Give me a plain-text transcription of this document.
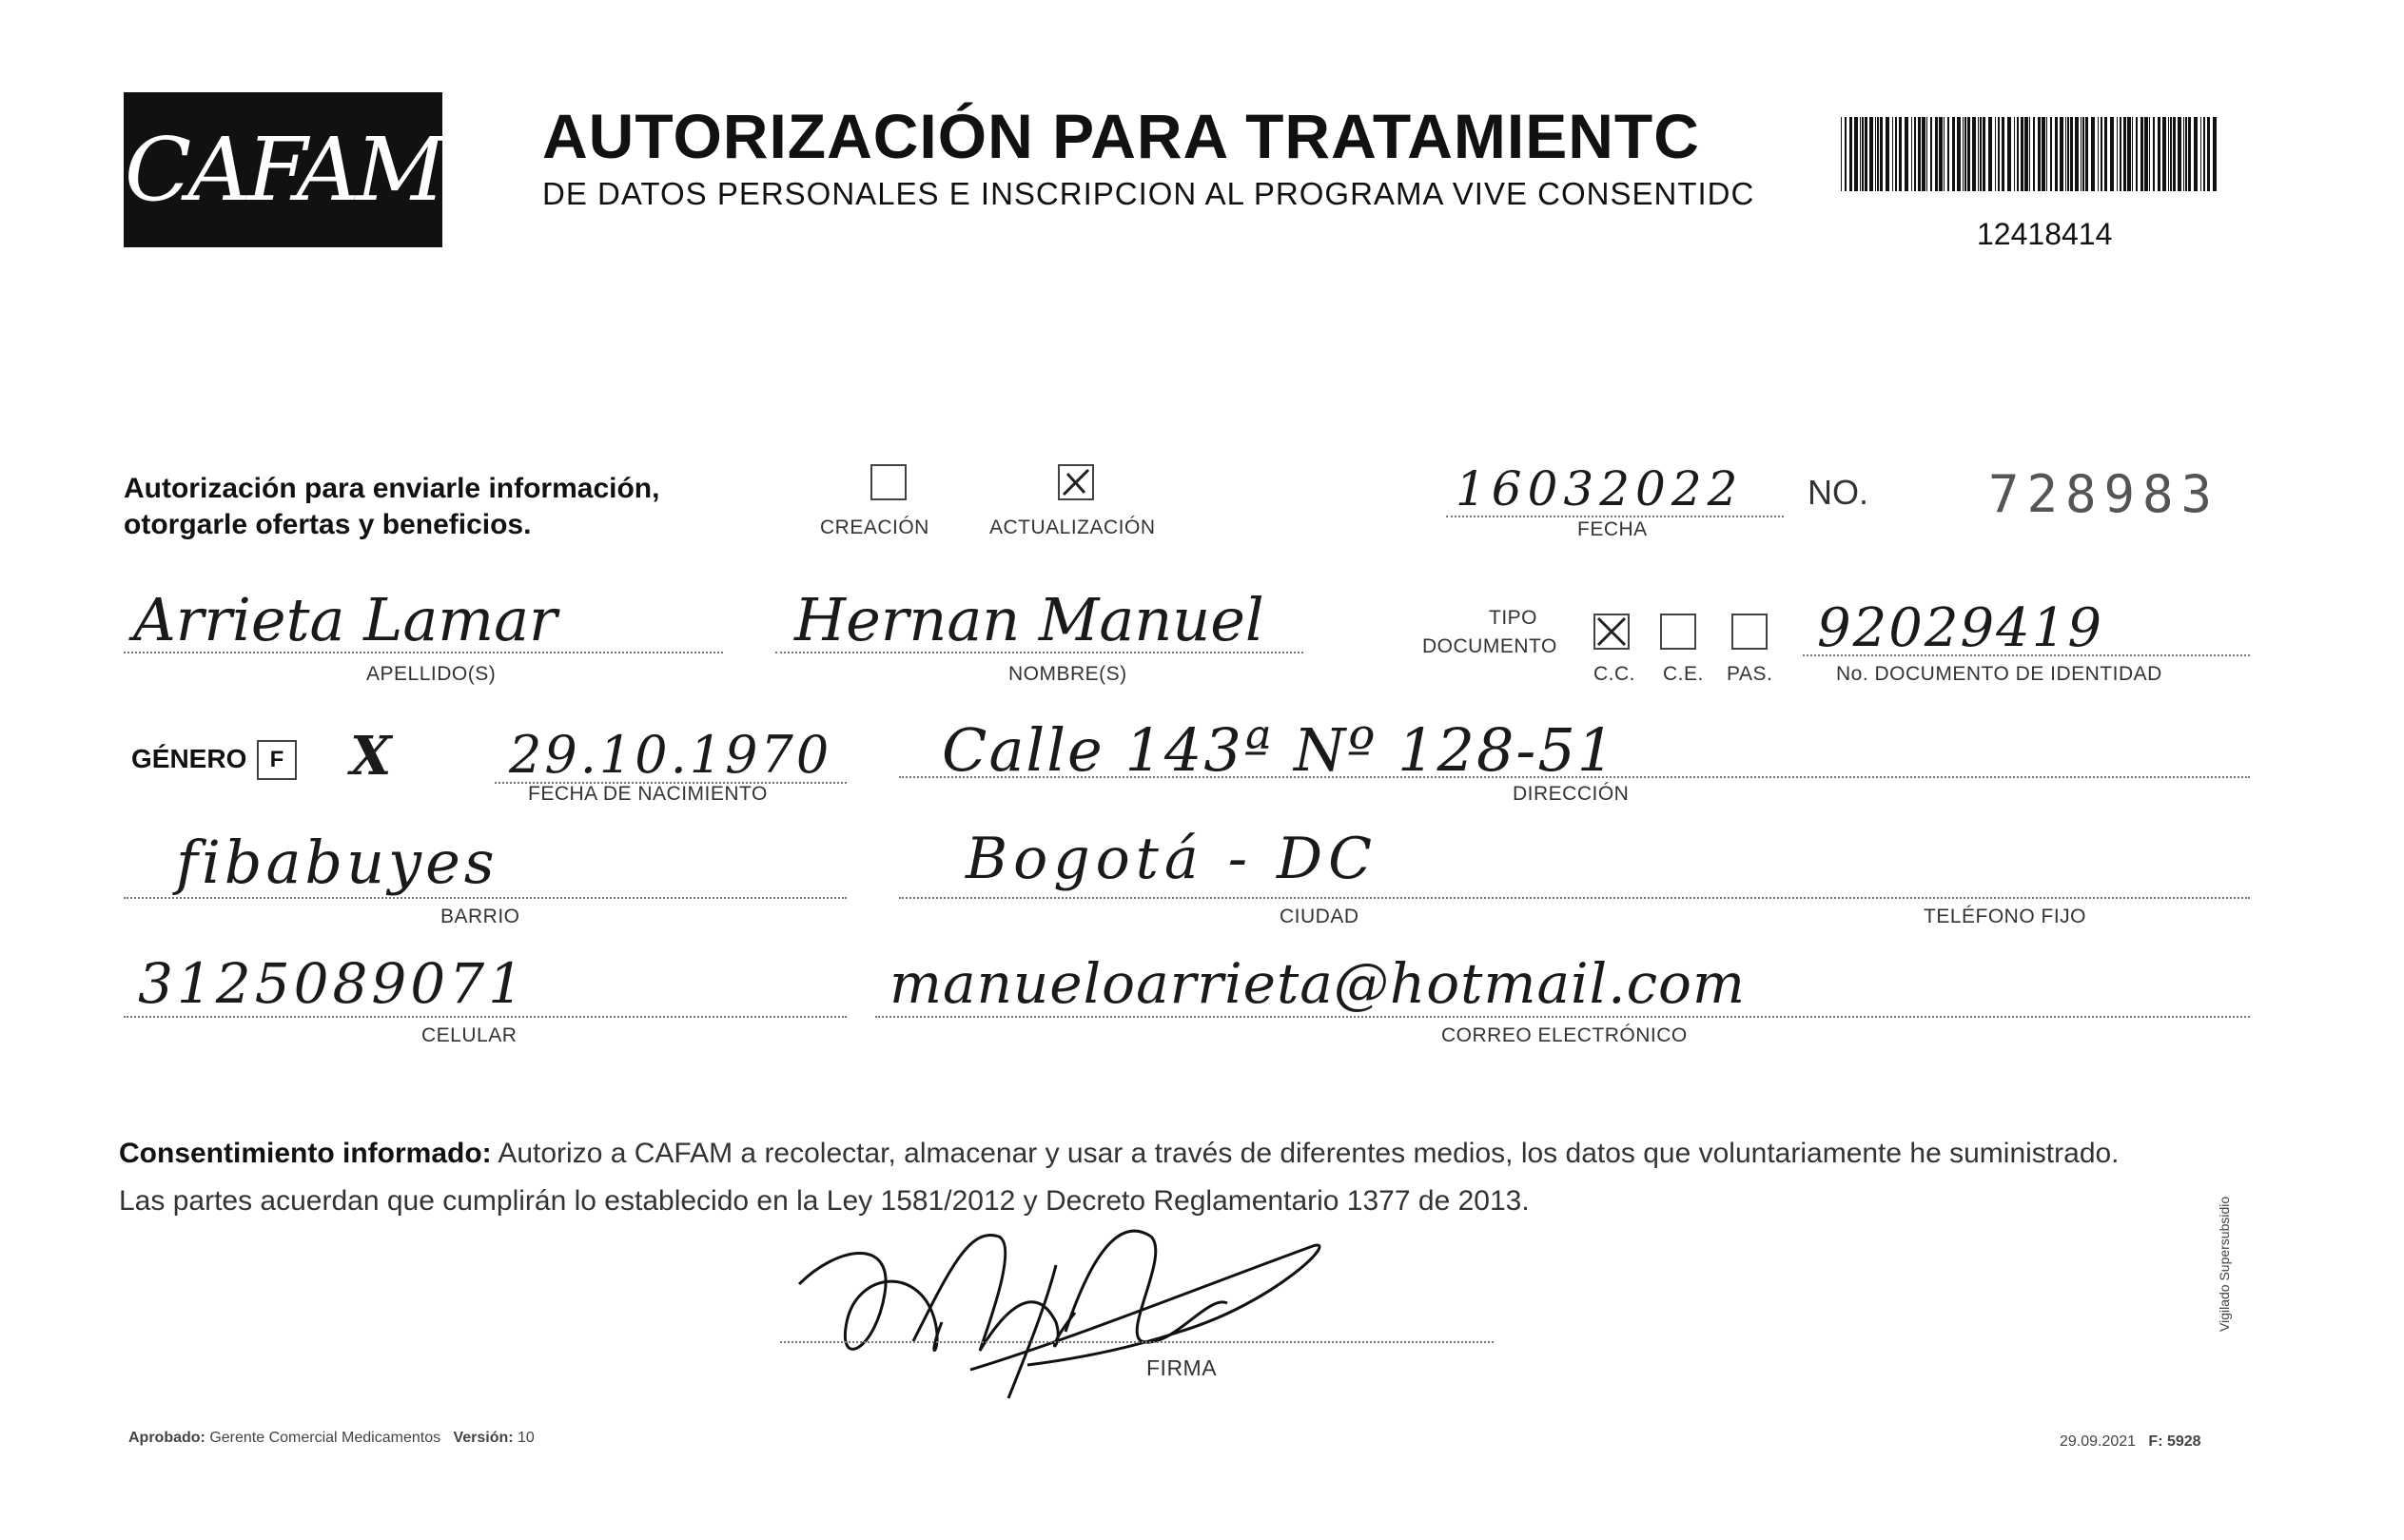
CAFAM AUTORIZACIÓN PARA TRATAMIENTC
DE DATOS PERSONALES E INSCRIPCION AL PROGRAMA VIVE CONSENTIDC
12418414
Autorización para enviarle información,
otorgarle ofertas y beneficios.	CREACIÓN	ACTUALIZACIÓN
16032022
FECHA
NO. 728983
Arrieta Lamar
APELLIDO(S)
Hernan Manuel
NOMBRE(S)
TIPO
DOCUMENTO
C.C. C.E. PAS.
92029419
No. DOCUMENTO DE IDENTIDAD
GÉNERO	F X 29.10.1970
FECHA DE NACIMIENTO
Calle 143ª Nº 128-51
DIRECCIÓN
fibabuyes
BARRIO
Bogotá - DC
CIUDAD	TELÉFONO FIJO
3125089071
CELULAR
manueloarrieta@hotmail.com
CORREO ELECTRÓNICO
Consentimiento informado: Autorizo a CAFAM a recolectar, almacenar y usar a través de diferentes medios, los datos que voluntariamente he suministrado.
Las partes acuerdan que cumplirán lo establecido en la Ley 1581/2012 y Decreto Reglamentario 1377 de 2013.
FIRMA
Aprobado: Gerente Comercial Medicamentos Versión: 10	29.09.2021 F: 5928
Vigilado Supersubsidio
